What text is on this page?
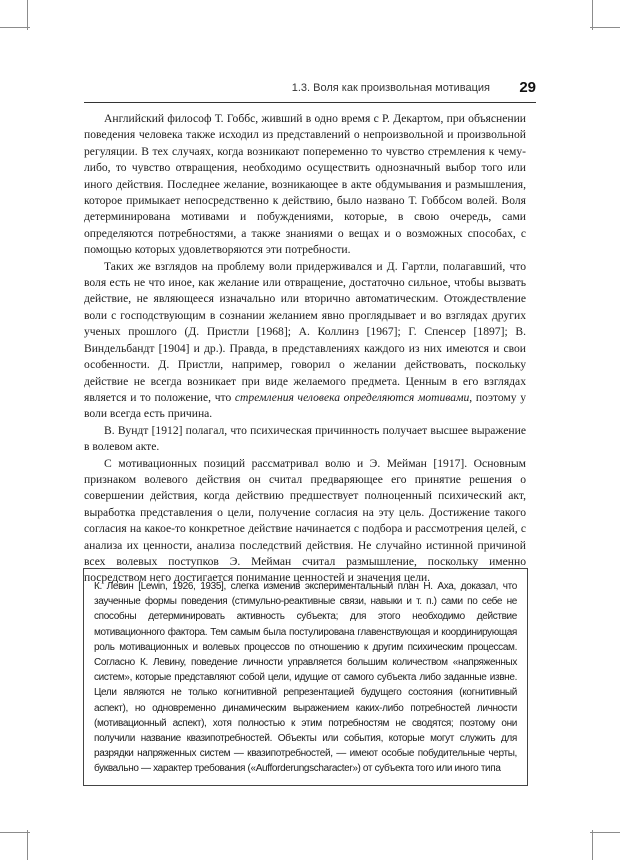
1.3. Воля как произвольная мотивация 29

Английский философ Т. Гоббс, живший в одно время с Р. Декартом, при объяснении поведения человека также исходил из представлений о непроизвольной и произвольной регуляции. В тех случаях, когда возникают попеременно то чувство стремления к чему-либо, то чувство отвращения, необходимо осуществить однозначный выбор того или иного действия. Последнее желание, возникающее в акте обдумывания и размышления, которое примыкает непосредственно к действию, было названо Т. Гоббсом волей. Воля детерминирована мотивами и побуждениями, которые, в свою очередь, сами определяются потребностями, а также знаниями о вещах и о возможных способах, с помощью которых удовлетворяются эти потребности.

Таких же взглядов на проблему воли придерживался и Д. Гартли, полагавший, что воля есть не что иное, как желание или отвращение, достаточно сильное, чтобы вызвать действие, не являющееся изначально или вторично автоматическим. Отождествление воли с господствующим в сознании желанием явно проглядывает и во взглядах других ученых прошлого (Д. Пристли [1968]; А. Коллинз [1967]; Г. Спенсер [1897]; В. Виндельбандт [1904] и др.). Правда, в представлениях каждого из них имеются и свои особенности. Д. Пристли, например, говорил о желании действовать, поскольку действие не всегда возникает при виде желаемого предмета. Ценным в его взглядах является и то положение, что стремления человека определяются мотивами, поэтому у воли всегда есть причина.

В. Вундт [1912] полагал, что психическая причинность получает высшее выражение в волевом акте.

С мотивационных позиций рассматривал волю и Э. Мейман [1917]. Основным признаком волевого действия он считал предваряющее его принятие решения о совершении действия, когда действию предшествует полноценный психический акт, выработка представления о цели, получение согласия на эту цель. Достижение такого согласия на какое-то конкретное действие начинается с подбора и рассмотрения целей, с анализа их ценности, анализа последствий действия. Не случайно истинной причиной всех волевых поступков Э. Мейман считал размышление, поскольку именно посредством него достигается понимание ценностей и значения цели.

К. Левин [Lewin, 1926, 1935], слегка изменив экспериментальный план Н. Аха, доказал, что заученные формы поведения (стимульно-реактивные связи, навыки и т. п.) сами по себе не способны детерминировать активность субъекта; для этого необходимо действие мотивационного фактора. Тем самым была постулирована главенствующая и координирующая роль мотивационных и волевых процессов по отношению к другим психическим процессам. Согласно К. Левину, поведение личности управляется большим количеством «напряженных систем», которые представляют собой цели, идущие от самого субъекта либо заданные извне. Цели являются не только когнитивной репрезентацией будущего состояния (когнитивный аспект), но одновременно динамическим выражением каких-либо потребностей личности (мотивационный аспект), хотя полностью к этим потребностям не сводятся; поэтому они получили название квазипотребностей. Объекты или события, которые могут служить для разрядки напряженных систем — квазипотребностей, — имеют особые побудительные черты, буквально — характер требования («Aufforderungscharacter») от субъекта того или иного типа
